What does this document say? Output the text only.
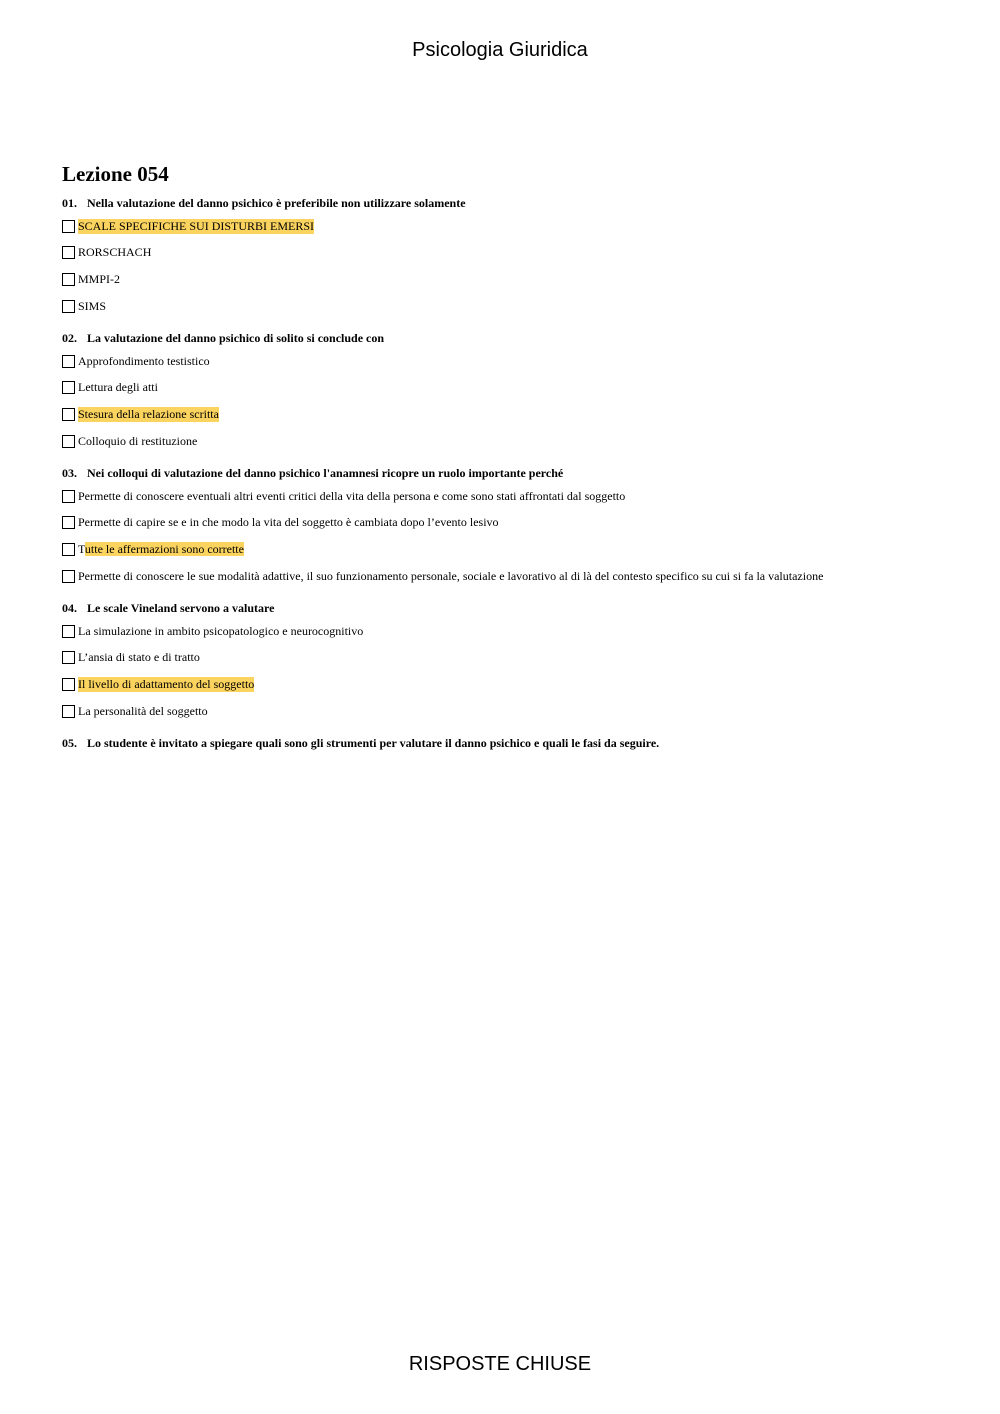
Psicologia Giuridica
Lezione 054
01. Nella valutazione del danno psichico è preferibile non utilizzare solamente
SCALE SPECIFICHE SUI DISTURBI EMERSI
RORSCHACH
MMPI-2
SIMS
02. La valutazione del danno psichico di solito si conclude con
Approfondimento testistico
Lettura degli atti
Stesura della relazione scritta
Colloquio di restituzione
03. Nei colloqui di valutazione del danno psichico l'anamnesi ricopre un ruolo importante perché
Permette di conoscere eventuali altri eventi critici della vita della persona e come sono stati affrontati dal soggetto
Permette di capire se e in che modo la vita del soggetto è cambiata dopo l’evento lesivo
Tutte le affermazioni sono corrette
Permette di conoscere le sue modalità adattive, il suo funzionamento personale, sociale e lavorativo al di là del contesto specifico su cui si fa la valutazione
04. Le scale Vineland servono a valutare
La simulazione in ambito psicopatologico e neurocognitivo
L’ansia di stato e di tratto
Il livello di adattamento del soggetto
La personalità del soggetto
05. Lo studente è invitato a spiegare quali sono gli strumenti per valutare il danno psichico e quali le fasi da seguire.
RISPOSTE CHIUSE
